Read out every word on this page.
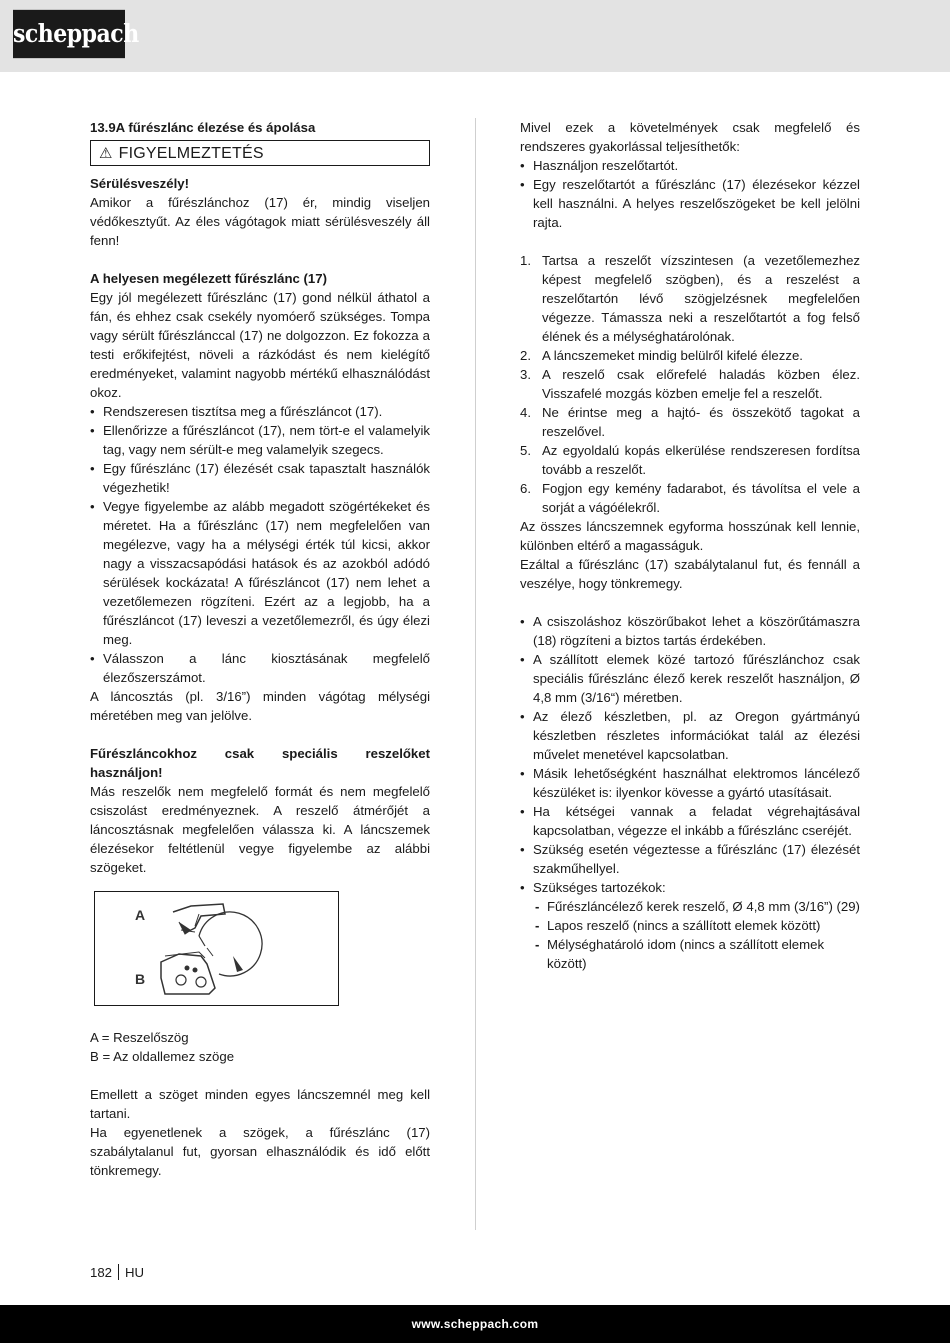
scheppach
13.9A fűrészlánc élezése és ápolása
⚠ FIGYELMEZTETÉS

Sérülésveszély!

Amikor a fűrészlánchoz (17) ér, mindig viseljen védőkesztyűt. Az éles vágótagok miatt sérülésveszély áll fenn!

A helyesen megélezett fűrészlánc (17)

Egy jól megélezett fűrészlánc (17) gond nélkül áthatol a fán, és ehhez csak csekély nyomóerő szükséges. Tompa vagy sérült fűrészlánccal (17) ne dolgozzon. Ez fokozza a testi erőkifejtést, növeli a rázkódást és nem kielégítő eredményeket, valamint nagyobb mértékű elhasználódást okoz.

• Rendszeresen tisztítsa meg a fűrészláncot (17).
• Ellenőrizze a fűrészláncot (17), nem tört-e el valamelyik tag, vagy nem sérült-e meg valamelyik szegecs.
• Egy fűrészlánc (17) élezését csak tapasztalt használók végezhetik!
• Vegye figyelembe az alább megadott szögértékeket és méretet. Ha a fűrészlánc (17) nem megfelelően van megélezve, vagy ha a mélységi érték túl kicsi, akkor nagy a visszacsapódási hatások és az azokból adódó sérülések kockázata! A fűrészláncot (17) nem lehet a vezetőlemezen rögzíteni. Ezért az a legjobb, ha a fűrészláncot (17) leveszi a vezetőlemezről, és úgy élezi meg.
• Válasszon a lánc kiosztásának megfelelő élezőszerszámot.

A láncosztás (pl. 3/16”) minden vágótag mélységi méretében meg van jelölve.

Fűrészláncokhoz csak speciális reszelőket használjon!

Más reszelők nem megfelelő formát és nem megfelelő csiszolást eredményeznek. A reszelő átmérőjét a láncosztásnak megfelelően válassza ki. A láncszemek élezésekor feltétlenül vegye figyelembe az alábbi szögeket.

A
B

A = Reszelőszög

B = Az oldallemez szöge

Emellett a szöget minden egyes láncszemnél meg kell tartani.

Ha egyenetlenek a szögek, a fűrészlánc (17) szabálytalanul fut, gyorsan elhasználódik és idő előtt tönkremegy.

Mivel ezek a követelmények csak megfelelő és rendszeres gyakorlással teljesíthetők:

• Használjon reszelőtartót.
• Egy reszelőtartót a fűrészlánc (17) élezésekor kézzel kell használni. A helyes reszelőszögeket be kell jelölni rajta.
1. Tartsa a reszelőt vízszintesen (a vezetőlemezhez képest megfelelő szögben), és a reszelést a reszelőtartón lévő szögjelzésnek megfelelően végezze. Támassza neki a reszelőtartót a fog felső élének és a mélységhatárolónak.
2. A láncszemeket mindig belülről kifelé élezze.
3. A reszelő csak előrefelé haladás közben élez. Visszafelé mozgás közben emelje fel a reszelőt.
4. Ne érintse meg a hajtó- és összekötő tagokat a reszelővel.
5. Az egyoldalú kopás elkerülése rendszeresen fordítsa tovább a reszelőt.
6. Fogjon egy kemény fadarabot, és távolítsa el vele a sorját a vágóélekről.

Az összes láncszemnek egyforma hosszúnak kell lennie, különben eltérő a magasságuk.

Ezáltal a fűrészlánc (17) szabálytalanul fut, és fennáll a veszélye, hogy tönkremegy.

• A csiszoláshoz köszörűbakot lehet a köszörűtámaszra (18) rögzíteni a biztos tartás érdekében.
• A szállított elemek közé tartozó fűrészlánchoz csak speciális fűrészlánc élező kerek reszelőt használjon, Ø 4,8 mm (3/16“) méretben.
• Az élező készletben, pl. az Oregon gyártmányú készletben részletes információkat talál az élezési művelet menetével kapcsolatban.
• Másik lehetőségként használhat elektromos láncélező készüléket is: ilyenkor kövesse a gyártó utasításait.
• Ha kétségei vannak a feladat végrehajtásával kapcsolatban, végezze el inkább a fűrészlánc cseréjét.
• Szükség esetén végeztesse a fűrészlánc (17) élezését szakműhellyel.
• Szükséges tartozékok:
- Fűrészláncélező kerek reszelő, Ø 4,8 mm (3/16”) (29)
- Lapos reszelő (nincs a szállított elemek között)
- Mélységhatároló idom (nincs a szállított elemek között)
182 HU
www.scheppach.com
